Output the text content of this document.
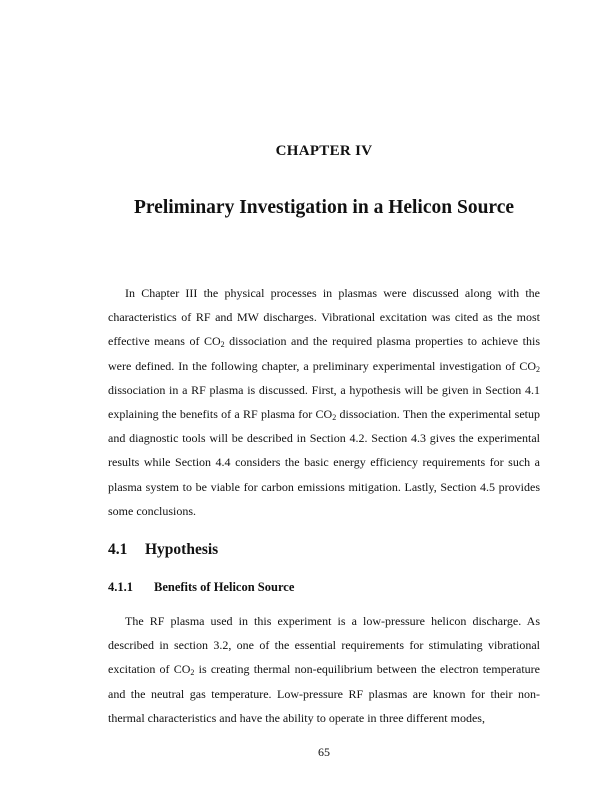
CHAPTER IV
Preliminary Investigation in a Helicon Source

In Chapter III the physical processes in plasmas were discussed along with the characteristics of RF and MW discharges. Vibrational excitation was cited as the most effective means of $CO_2$ dissociation and the required plasma properties to achieve this were defined. In the following chapter, a preliminary experimental investigation of $CO_2$ dissociation in a RF plasma is discussed. First, a hypothesis will be given in Section 4.1 explaining the benefits of a RF plasma for $CO_2$ dissociation. Then the experimental setup and diagnostic tools will be described in Section 4.2. Section 4.3 gives the experimental results while Section 4.4 considers the basic energy efficiency requirements for such a plasma system to be viable for carbon emissions mitigation. Lastly, Section 4.5 provides some conclusions.

4.1 Hypothesis
4.1.1 Benefits of Helicon Source

The RF plasma used in this experiment is a low-pressure helicon discharge. As described in section 3.2, one of the essential requirements for stimulating vibrational excitation of $CO_2$ is creating thermal non-equilibrium between the electron temperature and the neutral gas temperature. Low-pressure RF plasmas are known for their non-thermal characteristics and have the ability to operate in three different modes,

65
